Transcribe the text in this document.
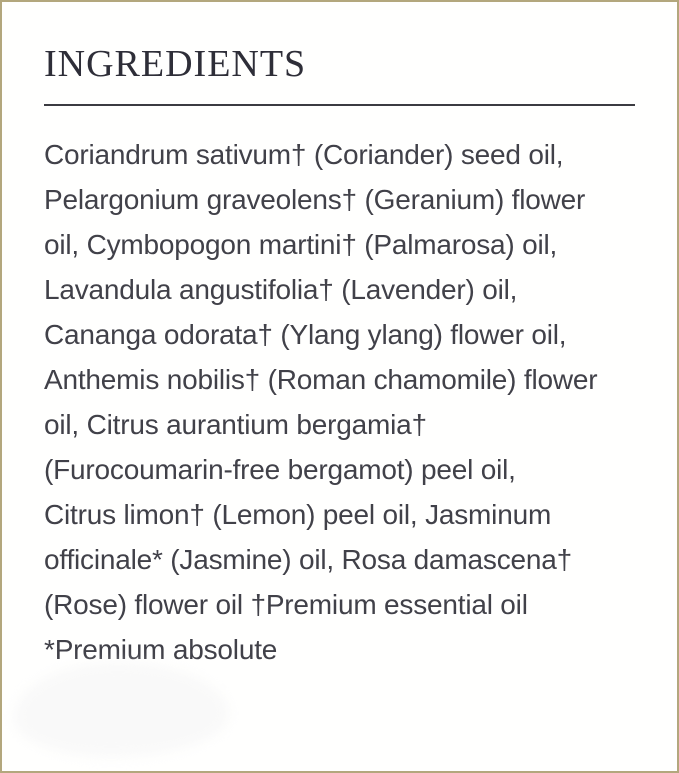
INGREDIENTS
Coriandrum sativum† (Coriander) seed oil,
Pelargonium graveolens† (Geranium) flower
oil, Cymbopogon martini† (Palmarosa) oil,
Lavandula angustifolia† (Lavender) oil,
Cananga odorata† (Ylang ylang) flower oil,
Anthemis nobilis† (Roman chamomile) flower
oil, Citrus aurantium bergamia†
(Furocoumarin-free bergamot) peel oil,
Citrus limon† (Lemon) peel oil, Jasminum
officinale* (Jasmine) oil, Rosa damascena†
(Rose) flower oil †Premium essential oil
*Premium absolute
